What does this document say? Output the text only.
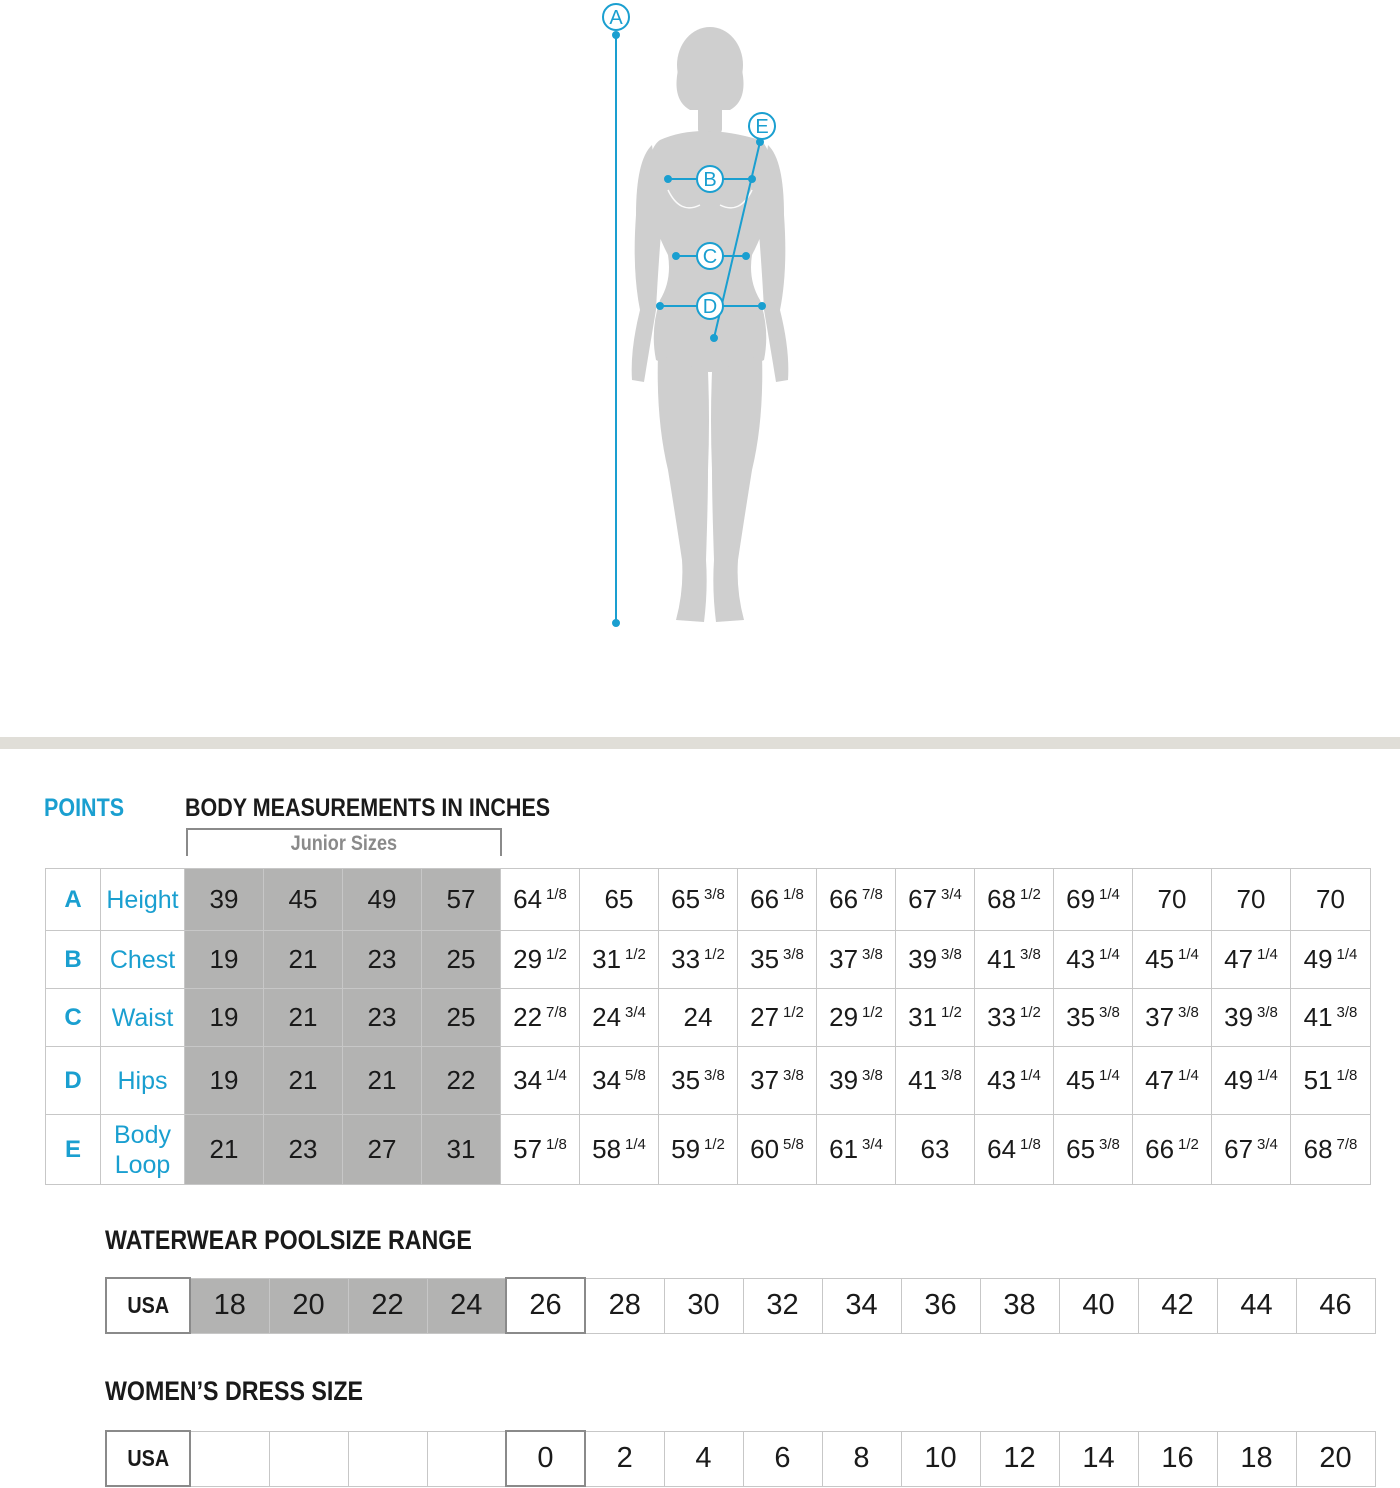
A
B
C
D
E
POINTS	BODY MEASUREMENTS IN INCHES
Junior Sizes
A	Height	39	45	49	57	64 $^{1/8}$	65	65 $^{3/8}$	66 $^{1/8}$	66 $^{7/8}$	67 $^{3/4}$	68 $^{1/2}$	69 $^{1/4}$	70	70	70
B	Chest	19	21	23	25	29 $^{1/2}$	31 $^{1/2}$	33 $^{1/2}$	35 $^{3/8}$	37 $^{3/8}$	39 $^{3/8}$	41 $^{3/8}$	43 $^{1/4}$	45 $^{1/4}$	47 $^{1/4}$	49 $^{1/4}$
C	Waist	19	21	23	25	22 $^{7/8}$	24 $^{3/4}$	24	27 $^{1/2}$	29 $^{1/2}$	31 $^{1/2}$	33 $^{1/2}$	35 $^{3/8}$	37 $^{3/8}$	39 $^{3/8}$	41 $^{3/8}$
D	Hips	19	21	21	22	34 $^{1/4}$	34 $^{5/8}$	35 $^{3/8}$	37 $^{3/8}$	39 $^{3/8}$	41 $^{3/8}$	43 $^{1/4}$	45 $^{1/4}$	47 $^{1/4}$	49 $^{1/4}$	51 $^{1/8}$
E	Body Loop	21	23	27	31	57 $^{1/8}$	58 $^{1/4}$	59 $^{1/2}$	60 $^{5/8}$	61 $^{3/4}$	63	64 $^{1/8}$	65 $^{3/8}$	66 $^{1/2}$	67 $^{3/4}$	68 $^{7/8}$
WATERWEAR POOLSIZE RANGE
USA	18	20	22	24	26	28	30	32	34	36	38	40	42	44	46
WOMEN’S DRESS SIZE
USA					0	2	4	6	8	10	12	14	16	18	20
